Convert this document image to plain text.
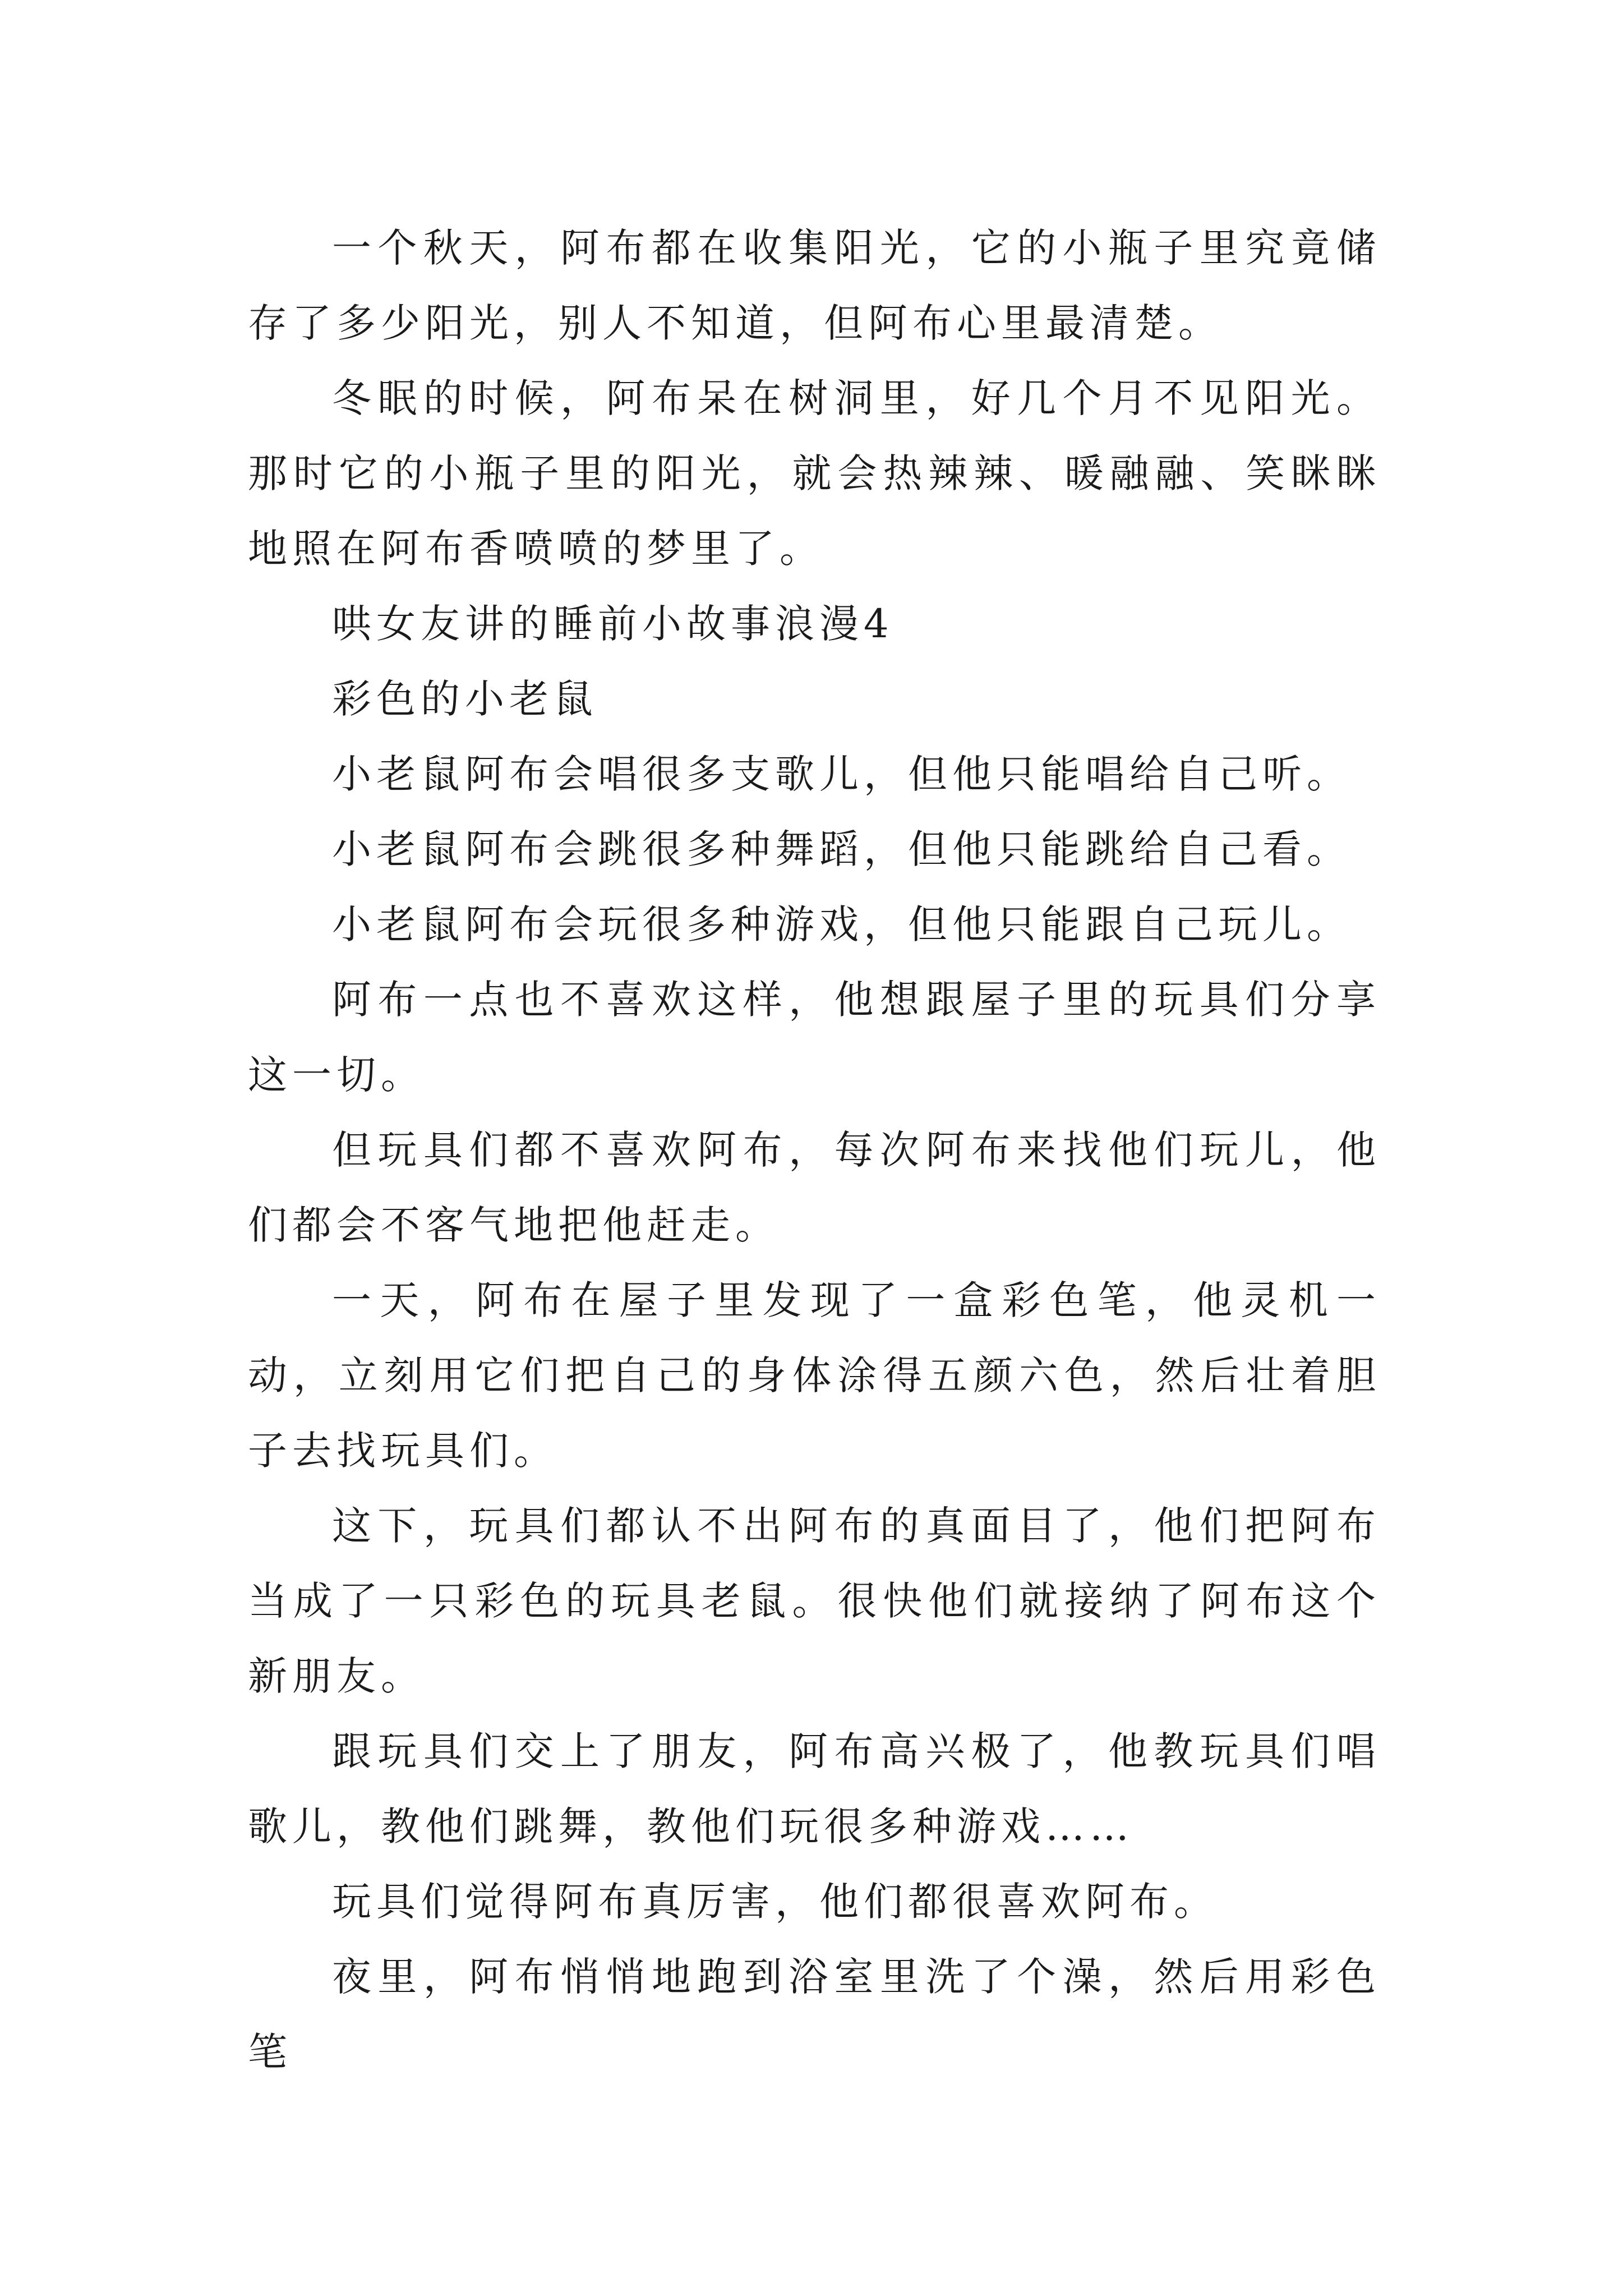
一个秋天，阿布都在收集阳光，它的小瓶子里究竟储存了多少阳光，别人不知道，但阿布心里最清楚。

冬眠的时候，阿布呆在树洞里，好几个月不见阳光。那时它的小瓶子里的阳光，就会热辣辣、暖融融、笑眯眯地照在阿布香喷喷的梦里了。

哄女友讲的睡前小故事浪漫4

彩色的小老鼠

小老鼠阿布会唱很多支歌儿，但他只能唱给自己听。

小老鼠阿布会跳很多种舞蹈，但他只能跳给自己看。

小老鼠阿布会玩很多种游戏，但他只能跟自己玩儿。

阿布一点也不喜欢这样，他想跟屋子里的玩具们分享这一切。

但玩具们都不喜欢阿布，每次阿布来找他们玩儿，他们都会不客气地把他赶走。

一天，阿布在屋子里发现了一盒彩色笔，他灵机一动，立刻用它们把自己的身体涂得五颜六色，然后壮着胆子去找玩具们。

这下，玩具们都认不出阿布的真面目了，他们把阿布当成了一只彩色的玩具老鼠。很快他们就接纳了阿布这个新朋友。

跟玩具们交上了朋友，阿布高兴极了，他教玩具们唱歌儿，教他们跳舞，教他们玩很多种游戏……

玩具们觉得阿布真厉害，他们都很喜欢阿布。

夜里，阿布悄悄地跑到浴室里洗了个澡，然后用彩色笔
